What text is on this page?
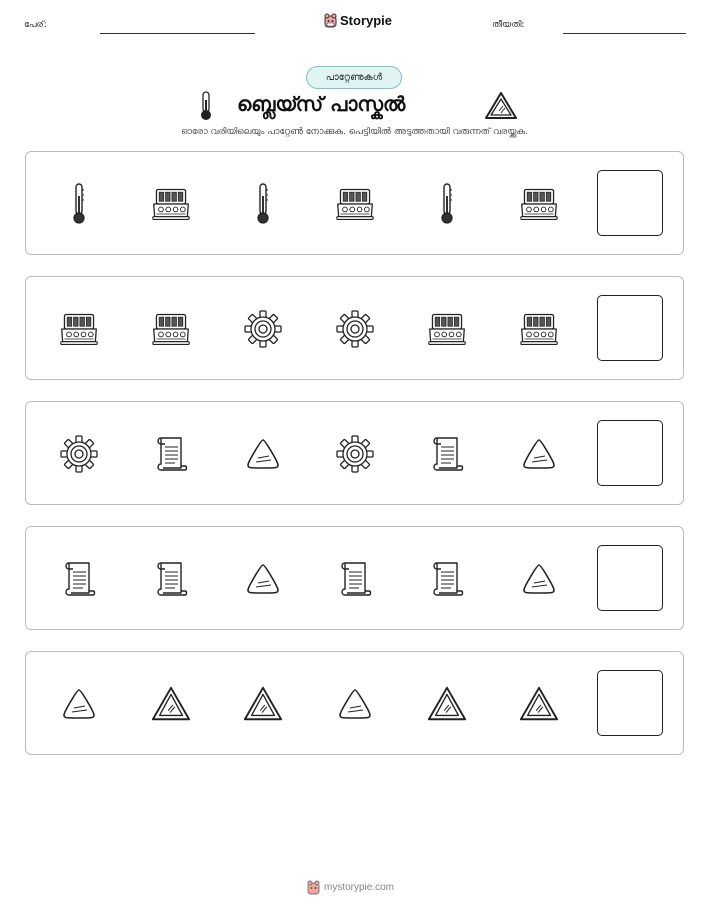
പേര്:	Storypie	തീയതി:
പാറ്റേണുകൾ
ബ്ലെയ്സ് പാസ്കൽ
ഓരോ വരിയിലെയും പാറ്റേൺ നോക്കുക. പെട്ടിയിൽ അടുത്തതായി വരുന്നത് വരയ്ക്കുക.
mystorypie.com
